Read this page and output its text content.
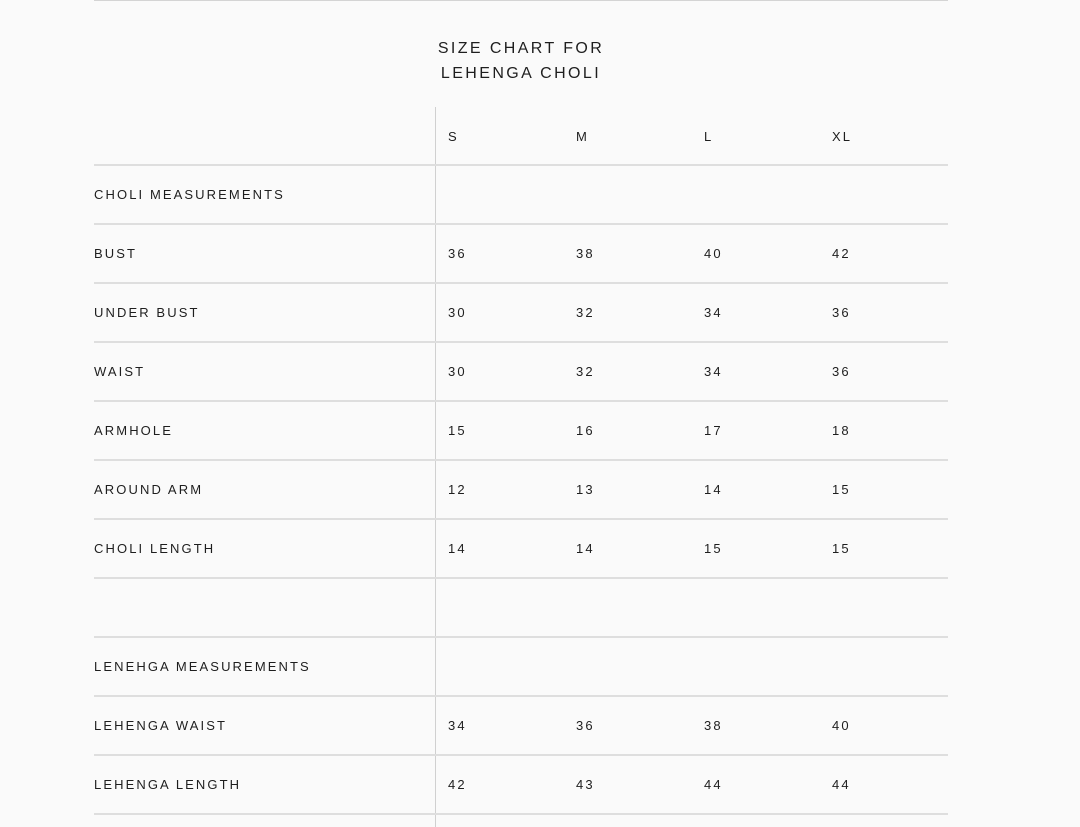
SIZE CHART FOR
LEHENGA CHOLI
S	M	L	XL
CHOLI MEASUREMENTS
BUST	36	38	40	42
UNDER BUST	30	32	34	36
WAIST	30	32	34	36
ARMHOLE	15	16	17	18
AROUND ARM	12	13	14	15
CHOLI LENGTH	14	14	15	15
LENEHGA MEASUREMENTS
LEHENGA WAIST	34	36	38	40
LEHENGA LENGTH	42	43	44	44
